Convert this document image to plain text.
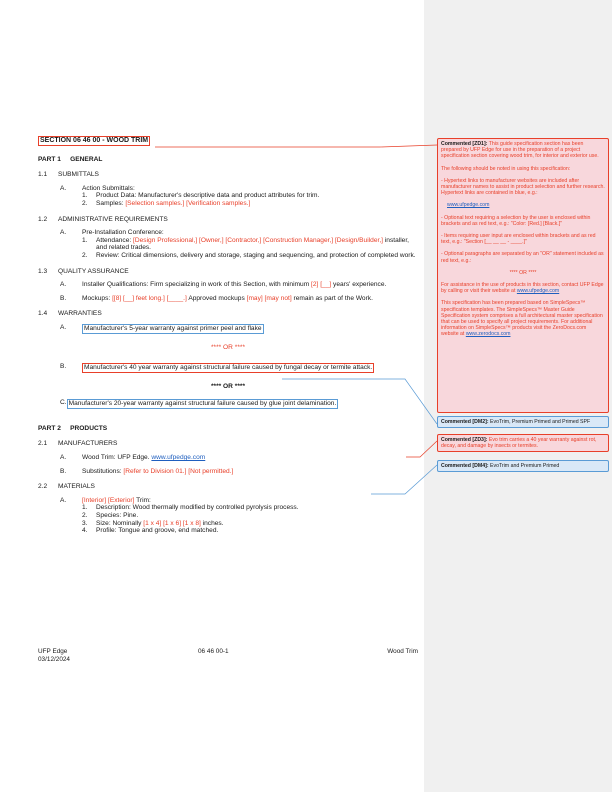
SECTION 06 46 00 - WOOD TRIM
PART 1 GENERAL
1.1	SUBMITTALS
A.	Action Submittals:
1.	Product Data: Manufacturer's descriptive data and product attributes for trim.
2.	Samples: [Selection samples.] [Verification samples.]
1.2	ADMINISTRATIVE REQUIREMENTS
A.	Pre-Installation Conference:
1.	Attendance: [Design Professional,] [Owner,] [Contractor,] [Construction Manager,] [Design/Builder,] installer, and related trades.
2.	Review: Critical dimensions, delivery and storage, staging and sequencing, and protection of completed work.
1.3	QUALITY ASSURANCE
A.	Installer Qualifications: Firm specializing in work of this Section, with minimum [2] [__] years' experience.
B.	Mockups: [[8] [__] feet long.] [____.] Approved mockups [may] [may not] remain as part of the Work.
1.4	WARRANTIES
A.	Manufacturer's 5-year warranty against primer peel and flake
**** OR ****
B.	Manufacturer's 40 year warranty against structural failure caused by fungal decay or termite attack.
**** OR ****
C. Manufacturer's 20-year warranty against structural failure caused by glue joint delamination.
PART 2 PRODUCTS
2.1	MANUFACTURERS
A.	Wood Trim: UFP Edge. www.ufpedge.com
B.	Substitutions: [Refer to Division 01.] [Not permitted.]
2.2	MATERIALS
A.	[Interior] [Exterior] Trim:
1.	Description: Wood thermally modified by controlled pyrolysis process.
2.	Species: Pine.
3.	Size: Nominally [1 x 4] [1 x 6] [1 x 8] inches.
4.	Profile: Tongue and groove, end matched.
UFP Edge
03/12/2024
06 46 00-1	Wood Trim

Commented [ZD1]: This guide specification section has been prepared by UFP Edge for use in the preparation of a project specification section covering wood trim, for interior and exterior use.

The following should be noted in using this specification:

- Hypertext links to manufacturer websites are included after manufacturer names to assist in product selection and further research. Hypertext links are contained in blue, e.g.:

www.ufpedge.com

- Optional text requiring a selection by the user is enclosed within brackets and as red text, e.g.: "Color: [Red.] [Black.]"

- Items requiring user input are enclosed within brackets and as red text, e.g.: "Section [__ __ __ - ____.]"

- Optional paragraphs are separated by an "OR" statement included as red text, e.g.:

**** OR ****

For assistance in the use of products in this section, contact UFP Edge by calling or visit their website at www.ufpedge.com

This specification has been prepared based on SimpleSpecs™ specification templates. The SimpleSpecs™ Master Guide Specification system comprises a full architectural master specification that can be used to specify all project requirements. For additional information on SimpleSpecs™ products visit the ZeroDocs.com website at www.zerodocs.com

Commented [DM2]: EvoTrim, Premium Primed and Primed SPF
Commented [ZD3]: Evo trim carries a 40 year warranty against rot, decay, and damage by insects or termites.
Commented [DM4]: EvoTrim and Premium Primed
